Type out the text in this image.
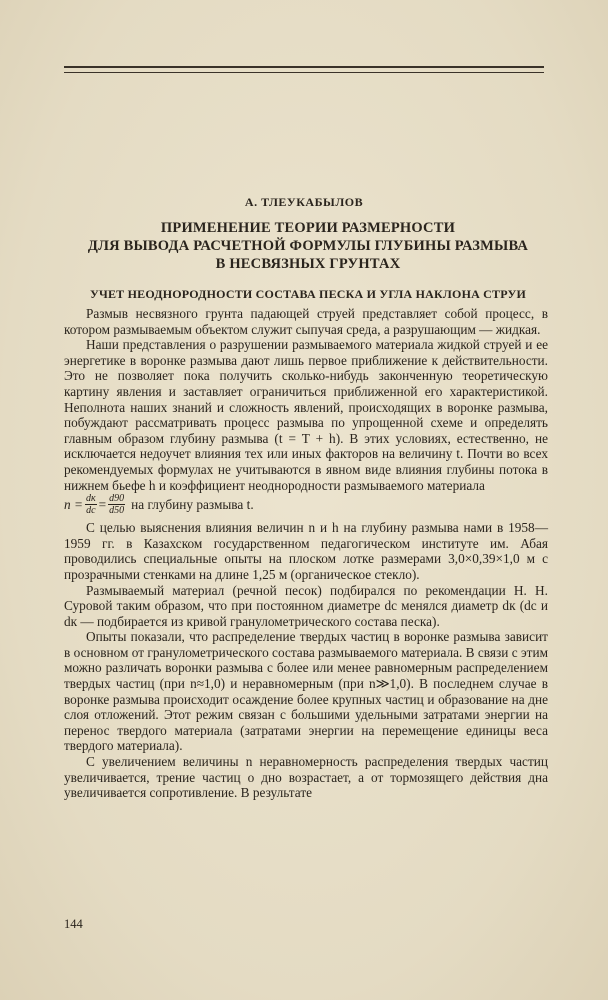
А. ТЛЕУКАБЫЛОВ
ПРИМЕНЕНИЕ ТЕОРИИ РАЗМЕРНОСТИ
ДЛЯ ВЫВОДА РАСЧЕТНОЙ ФОРМУЛЫ ГЛУБИНЫ РАЗМЫВА
В НЕСВЯЗНЫХ ГРУНТАХ
УЧЕТ НЕОДНОРОДНОСТИ СОСТАВА ПЕСКА И УГЛА НАКЛОНА СТРУИ

Размыв несвязного грунта падающей струей представляет собой процесс, в котором размываемым объектом служит сыпучая среда, а разрушающим — жидкая.

Наши представления о разрушении размываемого материала жидкой струей и ее энергетике в воронке размыва дают лишь первое приближение к действительности. Это не позволяет пока получить сколько-нибудь законченную теоретическую картину явления и заставляет ограничиться приближенной его характеристикой. Неполнота наших знаний и сложность явлений, происходящих в воронке размыва, побуждают рассматривать процесс размыва по упрощенной схеме и определять главным образом глубину размыва (t = T + h). В этих условиях, естественно, не исключается недоучет влияния тех или иных факторов на величину t. Почти во всех рекомендуемых формулах не учитываются в явном виде влияния глубины потока в нижнем бьефе h и коэффициент неоднородности размываемого материала

$n = \frac{dк}{dс} = \frac{d90}{d50}$ на глубину размыва t.

С целью выяснения влияния величин n и h на глубину размыва нами в 1958—1959 гг. в Казахском государственном педагогическом институте им. Абая проводились специальные опыты на плоском лотке размерами 3,0×0,39×1,0 м с прозрачными стенками на длине 1,25 м (органическое стекло).

Размываемый материал (речной песок) подбирался по рекомендации Н. Н. Суровой таким образом, что при постоянном диаметре dс менялся диаметр dк (dс и dк — подбирается из кривой гранулометрического состава песка).

Опыты показали, что распределение твердых частиц в воронке размыва зависит в основном от гранулометрического состава размываемого материала. В связи с этим можно различать воронки размыва с более или менее равномерным распределением твердых частиц (при n≈1,0) и неравномерным (при n≫1,0). В последнем случае в воронке размыва происходит осаждение более крупных частиц и образование на дне слоя отложений. Этот режим связан с большими удельными затратами энергии на перенос твердого материала (затратами энергии на перемещение единицы веса твердого материала).

С увеличением величины n неравномерность распределения твердых частиц увеличивается, трение частиц о дно возрастает, а от тормозящего действия дна увеличивается сопротивление. В результате

144
